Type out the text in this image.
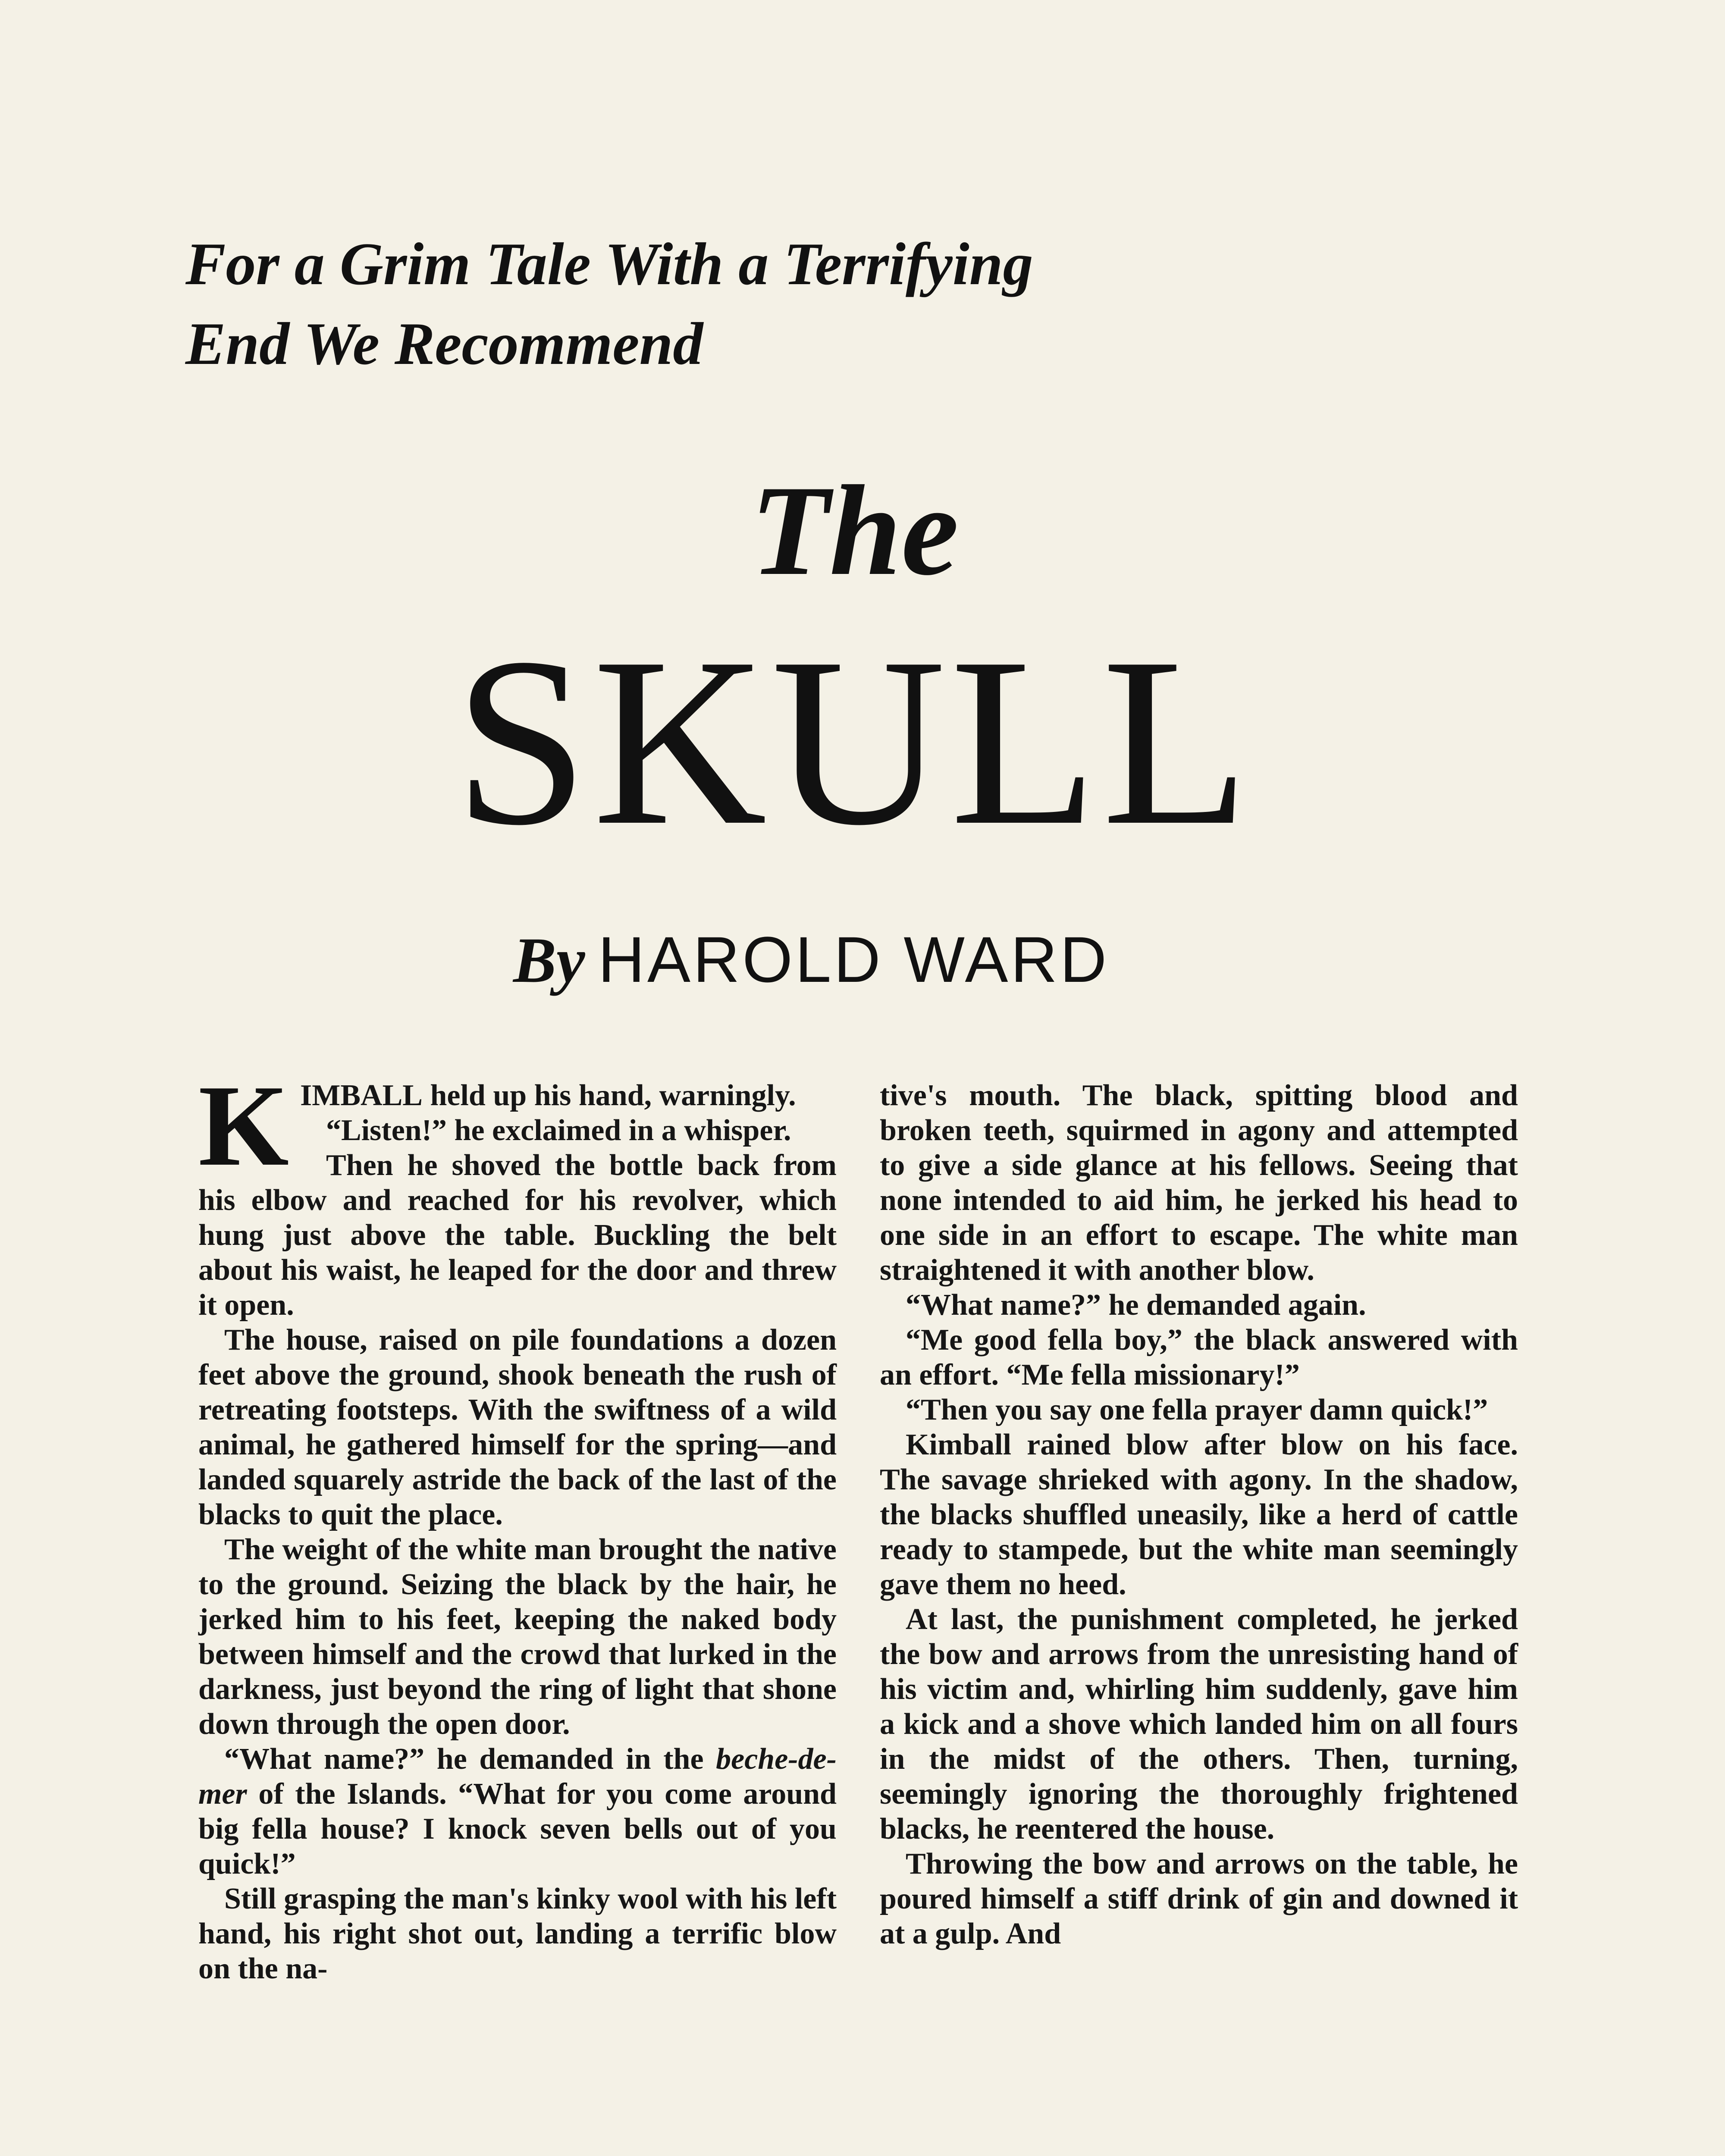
For a Grim Tale With a Terrifying
End We Recommend
The
SKULL
By HAROLD WARD

KIMBALL held up his hand, warningly.

“Listen!” he exclaimed in a whisper.

Then he shoved the bottle back from his elbow and reached for his revolver, which hung just above the table. Buckling the belt about his waist, he leaped for the door and threw it open.

The house, raised on pile foundations a dozen feet above the ground, shook beneath the rush of retreating footsteps. With the swiftness of a wild animal, he gathered himself for the spring—and landed squarely astride the back of the last of the blacks to quit the place.

The weight of the white man brought the native to the ground. Seizing the black by the hair, he jerked him to his feet, keeping the naked body between himself and the crowd that lurked in the darkness, just beyond the ring of light that shone down through the open door.

“What name?” he demanded in the beche-de-mer of the Islands. “What for you come around big fella house? I knock seven bells out of you quick!”

Still grasping the man's kinky wool with his left hand, his right shot out, landing a terrific blow on the na-

tive's mouth. The black, spitting blood and broken teeth, squirmed in agony and attempted to give a side glance at his fellows. Seeing that none intended to aid him, he jerked his head to one side in an effort to escape. The white man straightened it with another blow.

“What name?” he demanded again.

“Me good fella boy,” the black answered with an effort. “Me fella missionary!”

“Then you say one fella prayer damn quick!”

Kimball rained blow after blow on his face. The savage shrieked with agony. In the shadow, the blacks shuffled uneasily, like a herd of cattle ready to stampede, but the white man seemingly gave them no heed.

At last, the punishment completed, he jerked the bow and arrows from the unresisting hand of his victim and, whirling him suddenly, gave him a kick and a shove which landed him on all fours in the midst of the others. Then, turning, seemingly ignoring the thoroughly frightened blacks, he reentered the house.

Throwing the bow and arrows on the table, he poured himself a stiff drink of gin and downed it at a gulp. And
